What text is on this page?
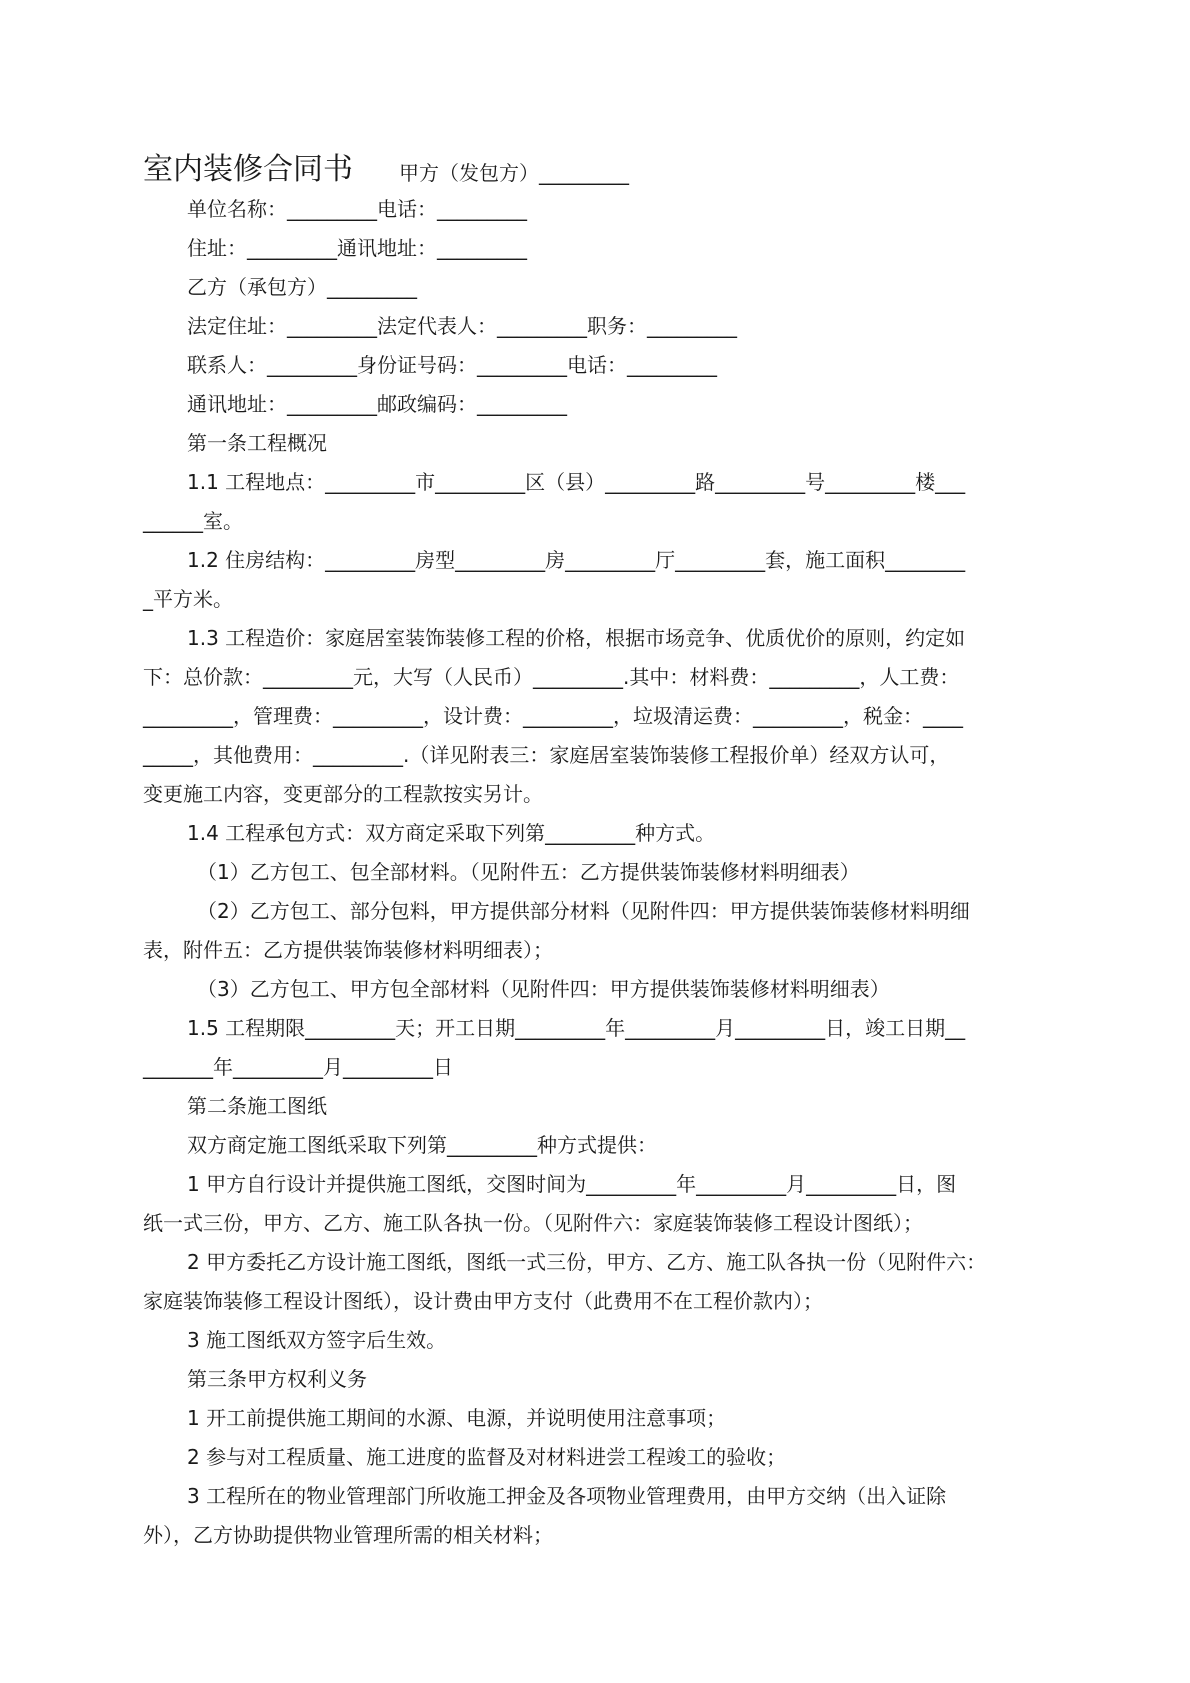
室内装修合同书 甲方（发包方）_________
单位名称：_________电话：_________
住址：_________通讯地址：_________
乙方（承包方）_________
法定住址：_________法定代表人：_________职务：_________
联系人：_________身份证号码：_________电话：_________
通讯地址：_________邮政编码：_________
第一条工程概况
1.1 工程地点：_________市_________区（县）_________路_________号_________楼___
______室。
1.2 住房结构：_________房型_________房_________厅_________套，施工面积________
_平方米。
1.3 工程造价：家庭居室装饰装修工程的价格，根据市场竞争、优质优价的原则，约定如
下：总价款：_________元，大写（人民币）_________.其中：材料费：_________，人工费：
_________，管理费：_________，设计费：_________，垃圾清运费：_________，税金：____
_____，其他费用：_________.（详见附表三：家庭居室装饰装修工程报价单）经双方认可，
变更施工内容，变更部分的工程款按实另计。
1.4 工程承包方式：双方商定采取下列第_________种方式。
（1）乙方包工、包全部材料。（见附件五：乙方提供装饰装修材料明细表）
（2）乙方包工、部分包料，甲方提供部分材料（见附件四：甲方提供装饰装修材料明细
表，附件五：乙方提供装饰装修材料明细表）；
（3）乙方包工、甲方包全部材料（见附件四：甲方提供装饰装修材料明细表）
1.5 工程期限_________天；开工日期_________年_________月_________日，竣工日期__
_______年_________月_________日
第二条施工图纸
双方商定施工图纸采取下列第_________种方式提供：
1 甲方自行设计并提供施工图纸，交图时间为_________年_________月_________日，图
纸一式三份，甲方、乙方、施工队各执一份。（见附件六：家庭装饰装修工程设计图纸）；
2 甲方委托乙方设计施工图纸，图纸一式三份，甲方、乙方、施工队各执一份（见附件六：
家庭装饰装修工程设计图纸），设计费由甲方支付（此费用不在工程价款内）；
3 施工图纸双方签字后生效。
第三条甲方权利义务
1 开工前提供施工期间的水源、电源，并说明使用注意事项；
2 参与对工程质量、施工进度的监督及对材料进尝工程竣工的验收；
3 工程所在的物业管理部门所收施工押金及各项物业管理费用，由甲方交纳（出入证除
外），乙方协助提供物业管理所需的相关材料；
